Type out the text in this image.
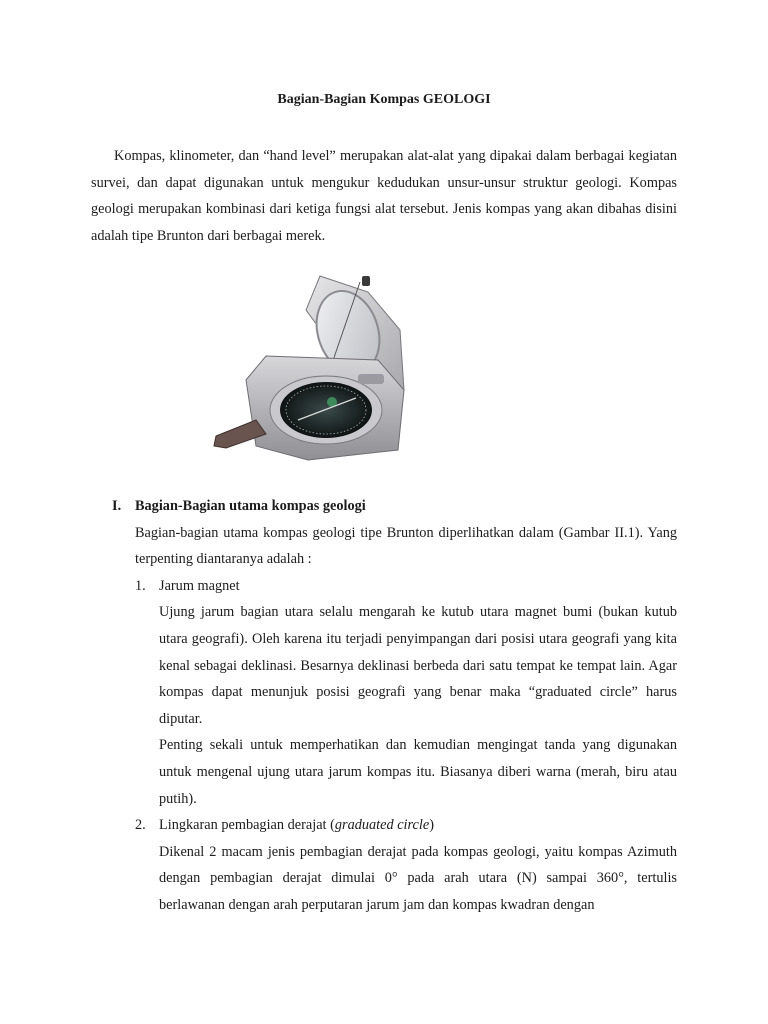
Bagian-Bagian Kompas GEOLOGI

Kompas, klinometer, dan “hand level” merupakan alat-alat yang dipakai dalam berbagai kegiatan survei, dan dapat digunakan untuk mengukur kedudukan unsur-unsur struktur geologi. Kompas geologi merupakan kombinasi dari ketiga fungsi alat tersebut. Jenis kompas yang akan dibahas disini adalah tipe Brunton dari berbagai merek.

I. Bagian-Bagian utama kompas geologi

Bagian-bagian utama kompas geologi tipe Brunton diperlihatkan dalam (Gambar II.1). Yang terpenting diantaranya adalah :

1. Jarum magnet

Ujung jarum bagian utara selalu mengarah ke kutub utara magnet bumi (bukan kutub utara geografi). Oleh karena itu terjadi penyimpangan dari posisi utara geografi yang kita kenal sebagai deklinasi. Besarnya deklinasi berbeda dari satu tempat ke tempat lain. Agar kompas dapat menunjuk posisi geografi yang benar maka “graduated circle” harus diputar.

Penting sekali untuk memperhatikan dan kemudian mengingat tanda yang digunakan untuk mengenal ujung utara jarum kompas itu. Biasanya diberi warna (merah, biru atau putih).

2. Lingkaran pembagian derajat (graduated circle)

Dikenal 2 macam jenis pembagian derajat pada kompas geologi, yaitu kompas Azimuth dengan pembagian derajat dimulai 0° pada arah utara (N) sampai 360°, tertulis berlawanan dengan arah perputaran jarum jam dan kompas kwadran dengan
